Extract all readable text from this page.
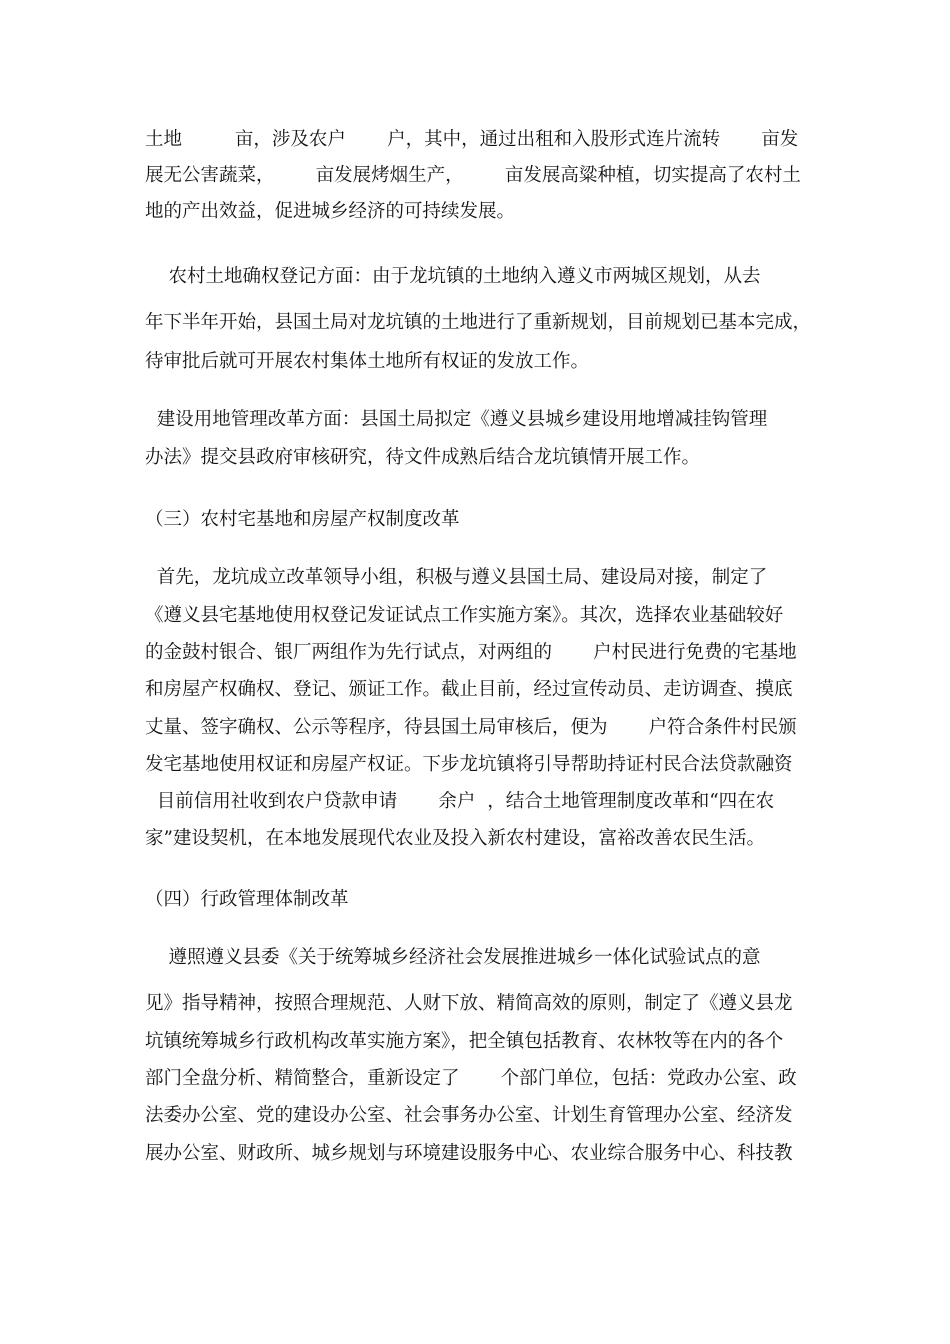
土地         亩，涉及农户       户，其中，通过出租和入股形式连片流转       亩发
展无公害蔬菜，       亩发展烤烟生产，       亩发展高粱种植，切实提高了农村土
地的产出效益，促进城乡经济的可持续发展。
农村土地确权登记方面：由于龙坑镇的土地纳入遵义市两城区规划，从去
年下半年开始，县国土局对龙坑镇的土地进行了重新规划，目前规划已基本完成，
待审批后就可开展农村集体土地所有权证的发放工作。
建设用地管理改革方面：县国土局拟定《遵义县城乡建设用地增减挂钩管理
办法》提交县政府审核研究，待文件成熟后结合龙坑镇情开展工作。
（三）农村宅基地和房屋产权制度改革
首先，龙坑成立改革领导小组，积极与遵义县国土局、建设局对接，制定了
《遵义县宅基地使用权登记发证试点工作实施方案》。其次，选择农业基础较好
的金鼓村银合、银厂两组作为先行试点，对两组的       户村民进行免费的宅基地
和房屋产权确权、登记、颁证工作。截止目前，经过宣传动员、走访调查、摸底
丈量、签字确权、公示等程序，待县国土局审核后，便为       户符合条件村民颁
发宅基地使用权证和房屋产权证。下步龙坑镇将引导帮助持证村民合法贷款融资
目前信用社收到农户贷款申请       余户  ，结合土地管理制度改革和“四在农
家”建设契机，在本地发展现代农业及投入新农村建设，富裕改善农民生活。
（四）行政管理体制改革
遵照遵义县委《关于统筹城乡经济社会发展推进城乡一体化试验试点的意
见》指导精神，按照合理规范、人财下放、精简高效的原则，制定了《遵义县龙
坑镇统筹城乡行政机构改革实施方案》，把全镇包括教育、农林牧等在内的各个
部门全盘分析、精简整合，重新设定了       个部门单位，包括：党政办公室、政
法委办公室、党的建设办公室、社会事务办公室、计划生育管理办公室、经济发
展办公室、财政所、城乡规划与环境建设服务中心、农业综合服务中心、科技教
